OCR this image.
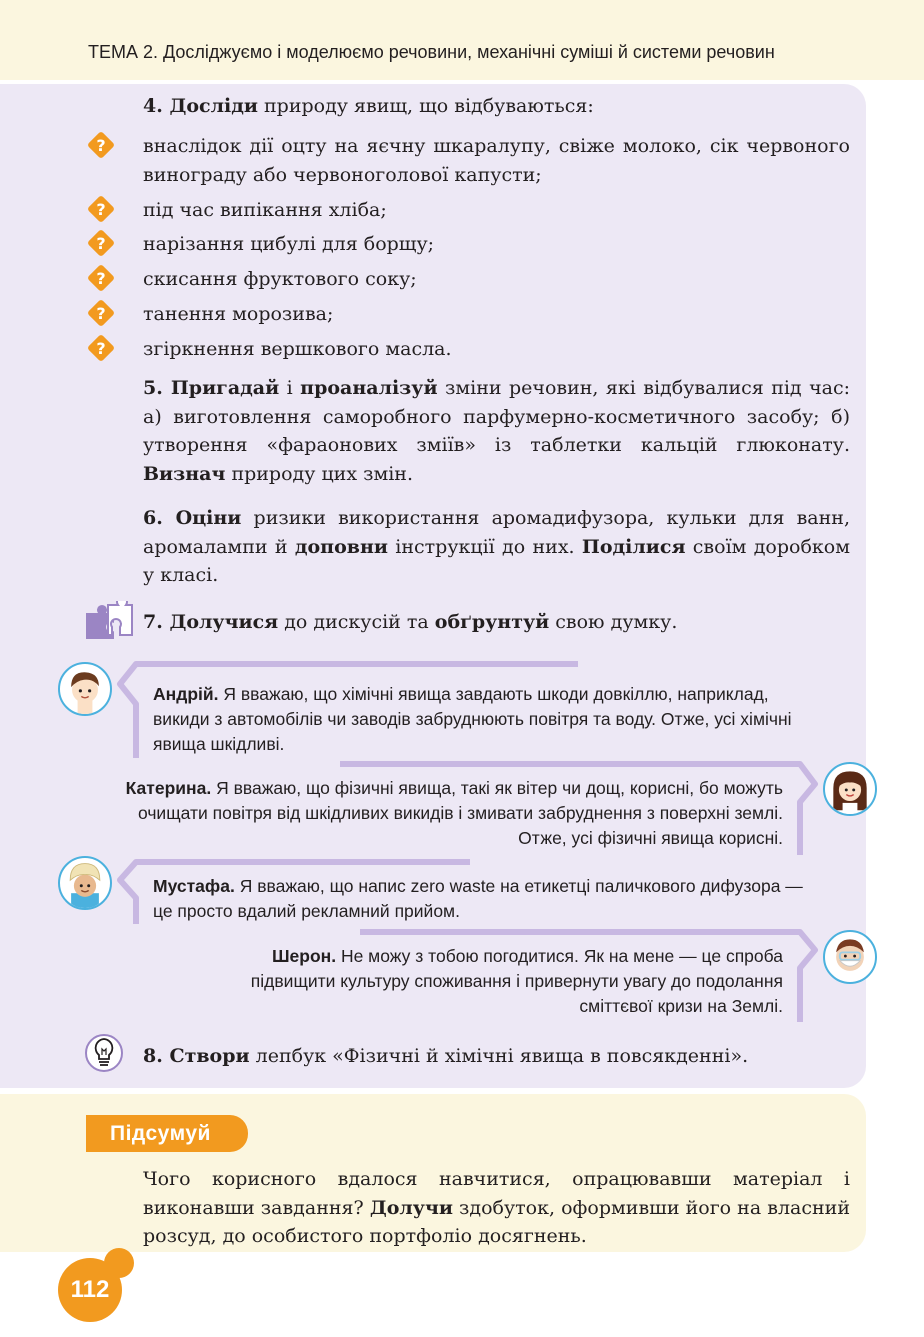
ТЕМА 2. Досліджуємо і моделюємо речовини, механічні суміші й системи речовин
4. Досліди природу явищ, що відбуваються:
? внаслідок дії оцту на яєчну шкаралупу, свіже молоко, сік червоного винограду або червоноголової капусти;
? під час випікання хліба;
? нарізання цибулі для борщу;
? скисання фруктового соку;
? танення морозива;
? згіркнення вершкового масла.
5. Пригадай і проаналізуй зміни речовин, які відбувалися під час: а) виготовлення саморобного парфумерно-косметичного засобу; б) утворення «фараонових зміїв» із таблетки кальцій глюконату. Визнач природу цих змін.
6. Оціни ризики використання аромадифузора, кульки для ванн, аромалампи й доповни інструкції до них. Поділися своїм доробком у класі.
7. Долучися до дискусій та обґрунтуй свою думку.
Андрій. Я вважаю, що хімічні явища завдають шкоди довкіллю, наприклад, викиди з автомобілів чи заводів забруднюють повітря та воду. Отже, усі хімічні явища шкідливі.
Катерина. Я вважаю, що фізичні явища, такі як вітер чи дощ, корисні, бо можуть очищати повітря від шкідливих викидів і змивати забруднення з поверхні землі. Отже, усі фізичні явища корисні.
Мустафа. Я вважаю, що напис zero waste на етикетці паличкового дифузора — це просто вдалий рекламний прийом.
Шерон. Не можу з тобою погодитися. Як на мене — це спроба підвищити культуру споживання і привернути увагу до подолання сміттєвої кризи на Землі.
8. Створи лепбук «Фізичні й хімічні явища в повсякденні».
Підсумуй
Чого корисного вдалося навчитися, опрацювавши матеріал і виконавши завдання? Долучи здобуток, оформивши його на власний розсуд, до особистого портфоліо досягнень.
112
